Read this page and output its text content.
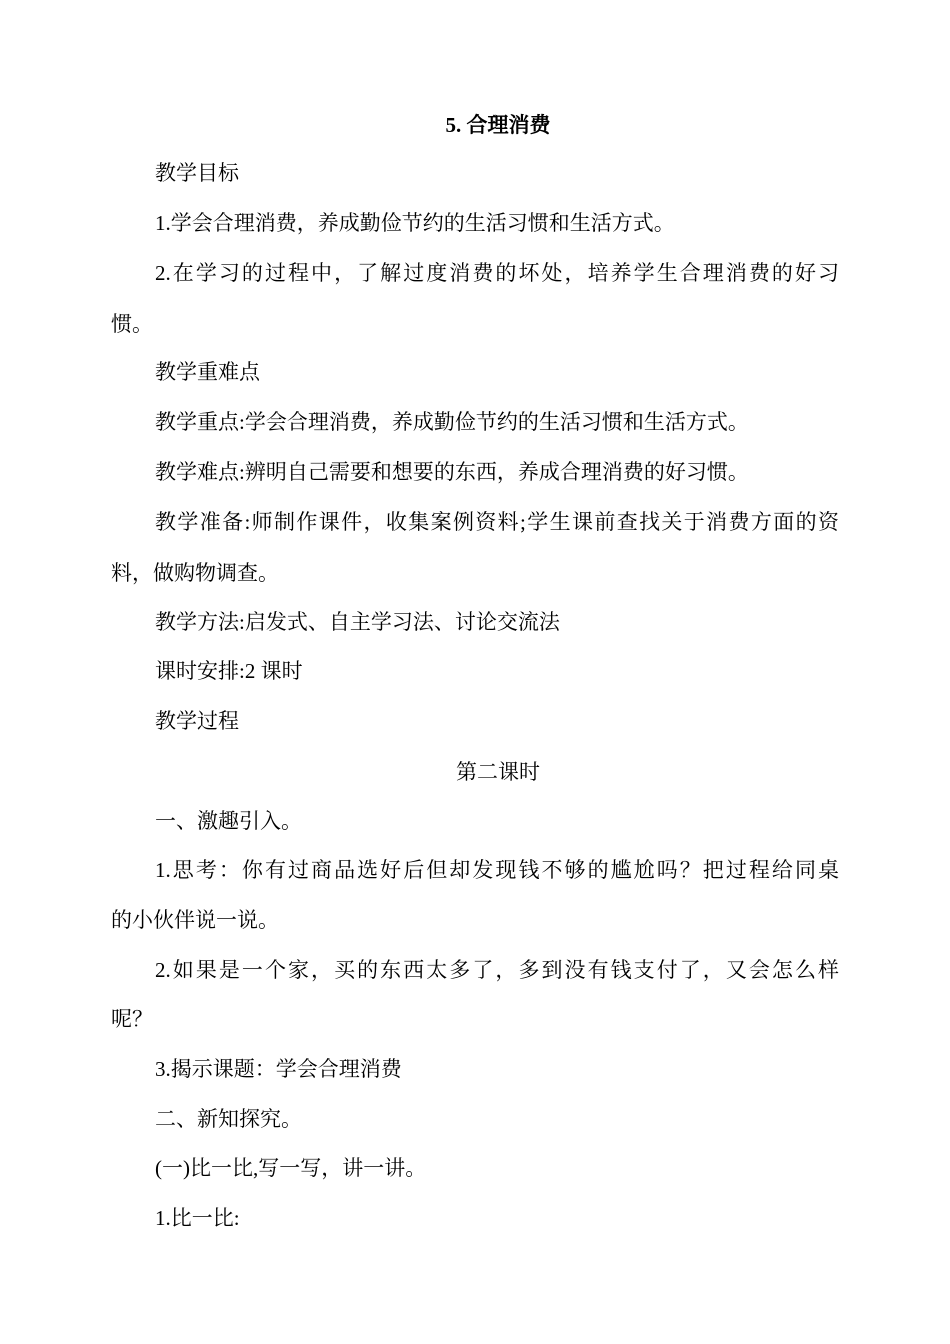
5. 合理消费
教学目标
1.学会合理消费，养成勤俭节约的生活习惯和生活方式。
2.在学习的过程中，了解过度消费的坏处，培养学生合理消费的好习
惯。
教学重难点
教学重点:学会合理消费，养成勤俭节约的生活习惯和生活方式。
教学难点:辨明自己需要和想要的东西，养成合理消费的好习惯。
教学准备:师制作课件，收集案例资料;学生课前查找关于消费方面的资
料，做购物调查。
教学方法:启发式、自主学习法、讨论交流法
课时安排:2 课时
教学过程
第二课时
一、激趣引入。
1.思考：你有过商品选好后但却发现钱不够的尴尬吗？把过程给同桌
的小伙伴说一说。
2.如果是一个家，买的东西太多了，多到没有钱支付了，又会怎么样
呢？
3.揭示课题：学会合理消费
二、新知探究。
(一)比一比,写一写，讲一讲。
1.比一比:
